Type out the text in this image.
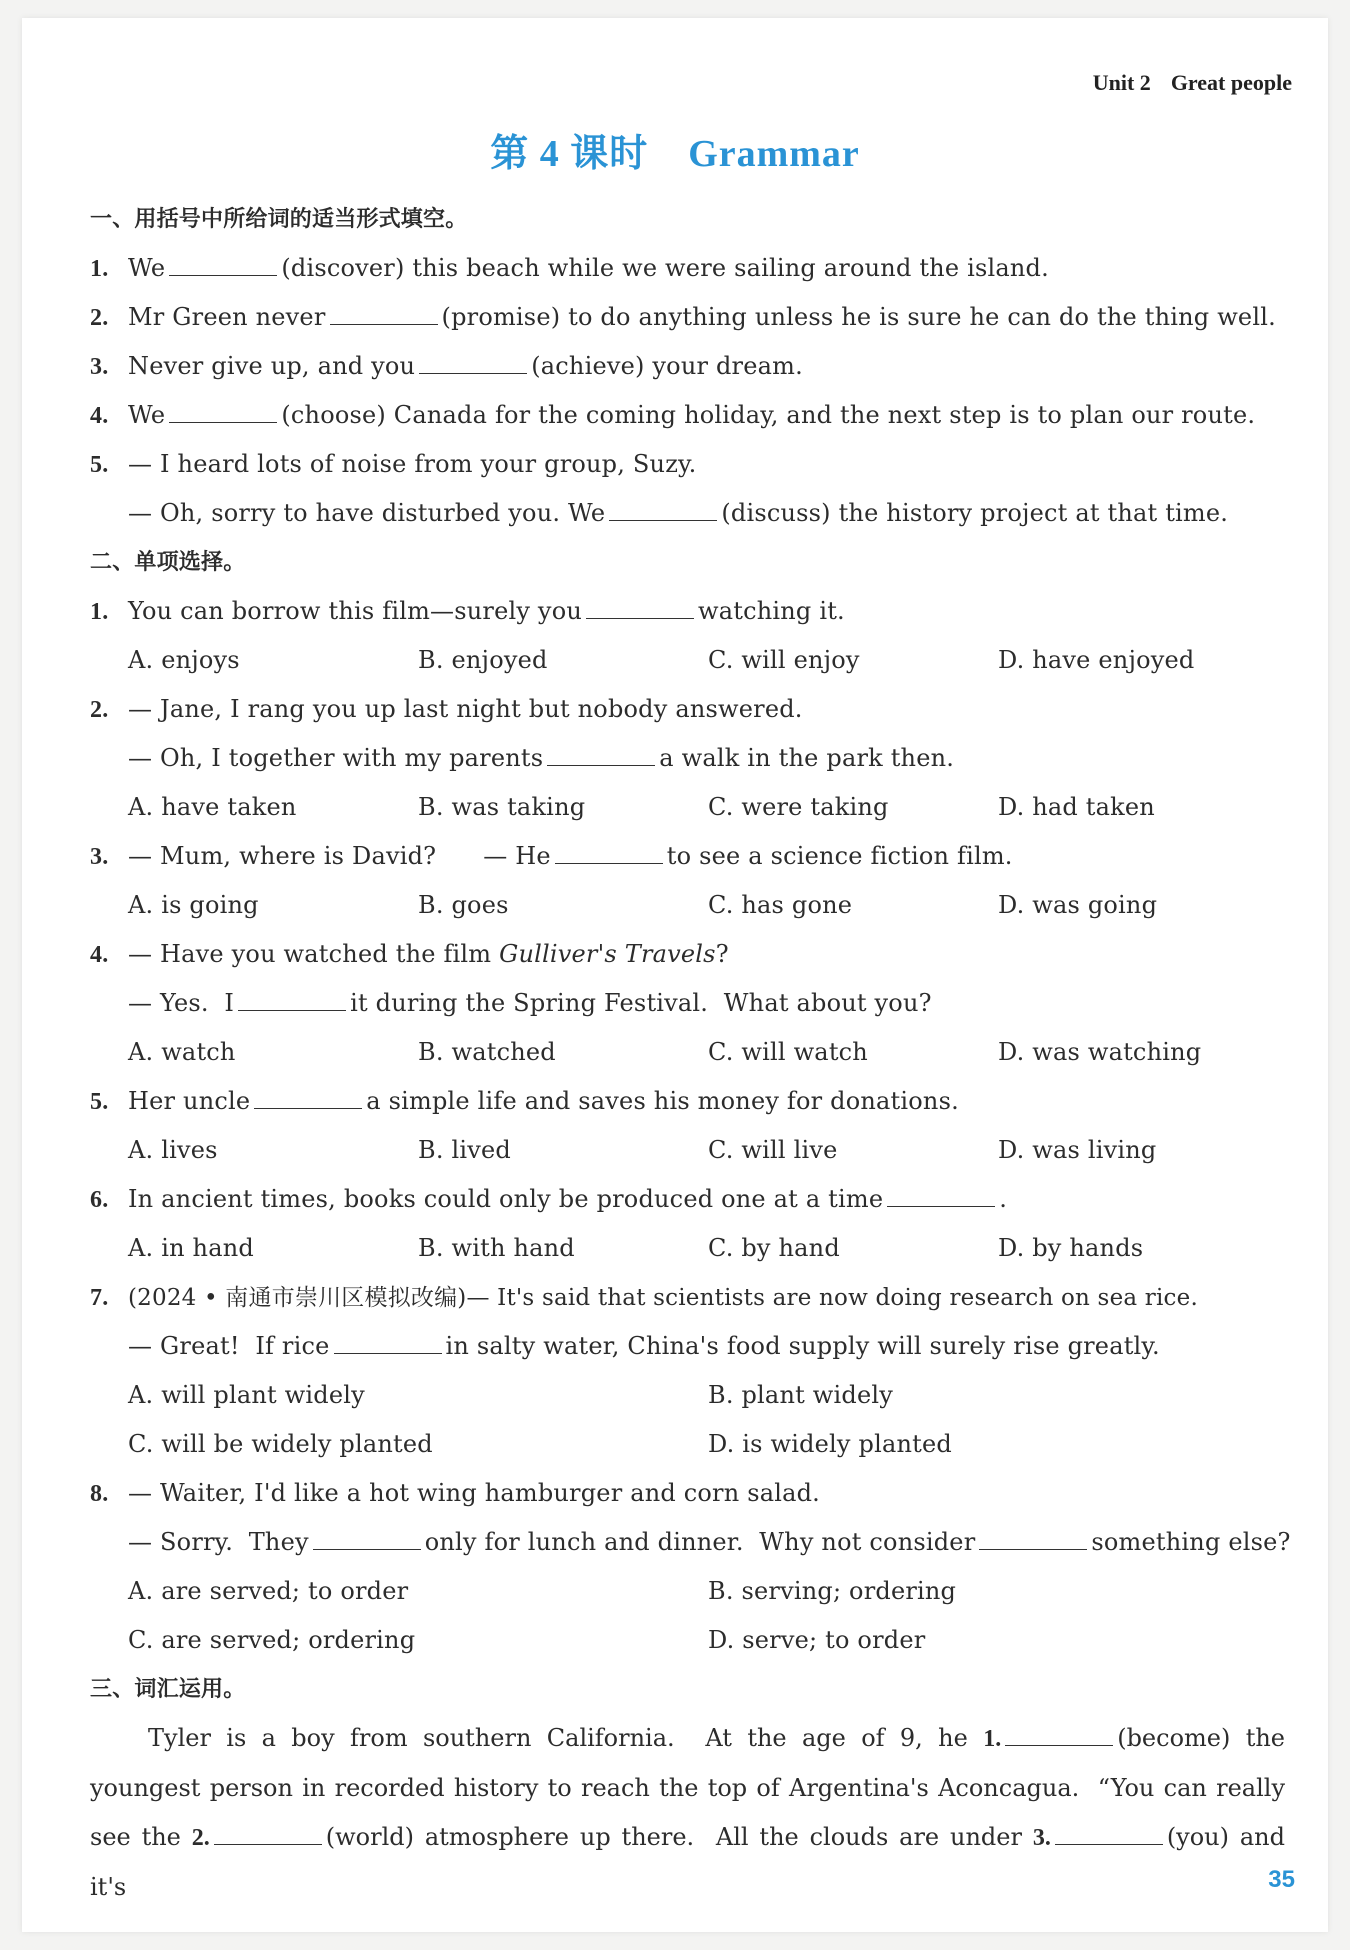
Unit 2 Great people
第 4 课时 Grammar
一、用括号中所给词的适当形式填空。
1. We	(discover) this beach while we were sailing around the island.
2. Mr Green never	(promise) to do anything unless he is sure he can do the thing well.
3. Never give up, and you	(achieve) your dream.
4. We	(choose) Canada for the coming holiday, and the next step is to plan our route.
5. — I heard lots of noise from your group, Suzy.
— Oh, sorry to have disturbed you. We	(discuss) the history project at that time.
二、单项选择。
1. You can borrow this film—surely you	watching it.
A. enjoys	B. enjoyed	C. will enjoy	D. have enjoyed
2. — Jane, I rang you up last night but nobody answered.
— Oh, I together with my parents	a walk in the park then.
A. have taken	B. was taking	C. were taking	D. had taken
3. — Mum, where is David?      — He	to see a science fiction film.
A. is going	B. goes	C. has gone	D. was going
4. — Have you watched the film Gulliver's Travels?
— Yes.  I	it during the Spring Festival.  What about you?
A. watch	B. watched	C. will watch	D. was watching
5. Her uncle	a simple life and saves his money for donations.
A. lives	B. lived	C. will live	D. was living
6. In ancient times, books could only be produced one at a time	.
A. in hand	B. with hand	C. by hand	D. by hands
7. (2024 • 南通市崇川区模拟改编)— It's said that scientists are now doing research on sea rice.
— Great!  If rice	in salty water, China's food supply will surely rise greatly.
A. will plant widely	B. plant widely
C. will be widely planted	D. is widely planted
8. — Waiter, I'd like a hot wing hamburger and corn salad.
— Sorry.  They	only for lunch and dinner.  Why not consider	something else?
A. are served; to order	B. serving; ordering
C. are served; ordering	D. serve; to order
三、词汇运用。

Tyler is a boy from southern California.  At the age of 9, he 1.	(become) the youngest person in recorded history to reach the top of Argentina's Aconcagua.  “You can really see the 2.	(world) atmosphere up there.  All the clouds are under 3.	(you) and it's	35
